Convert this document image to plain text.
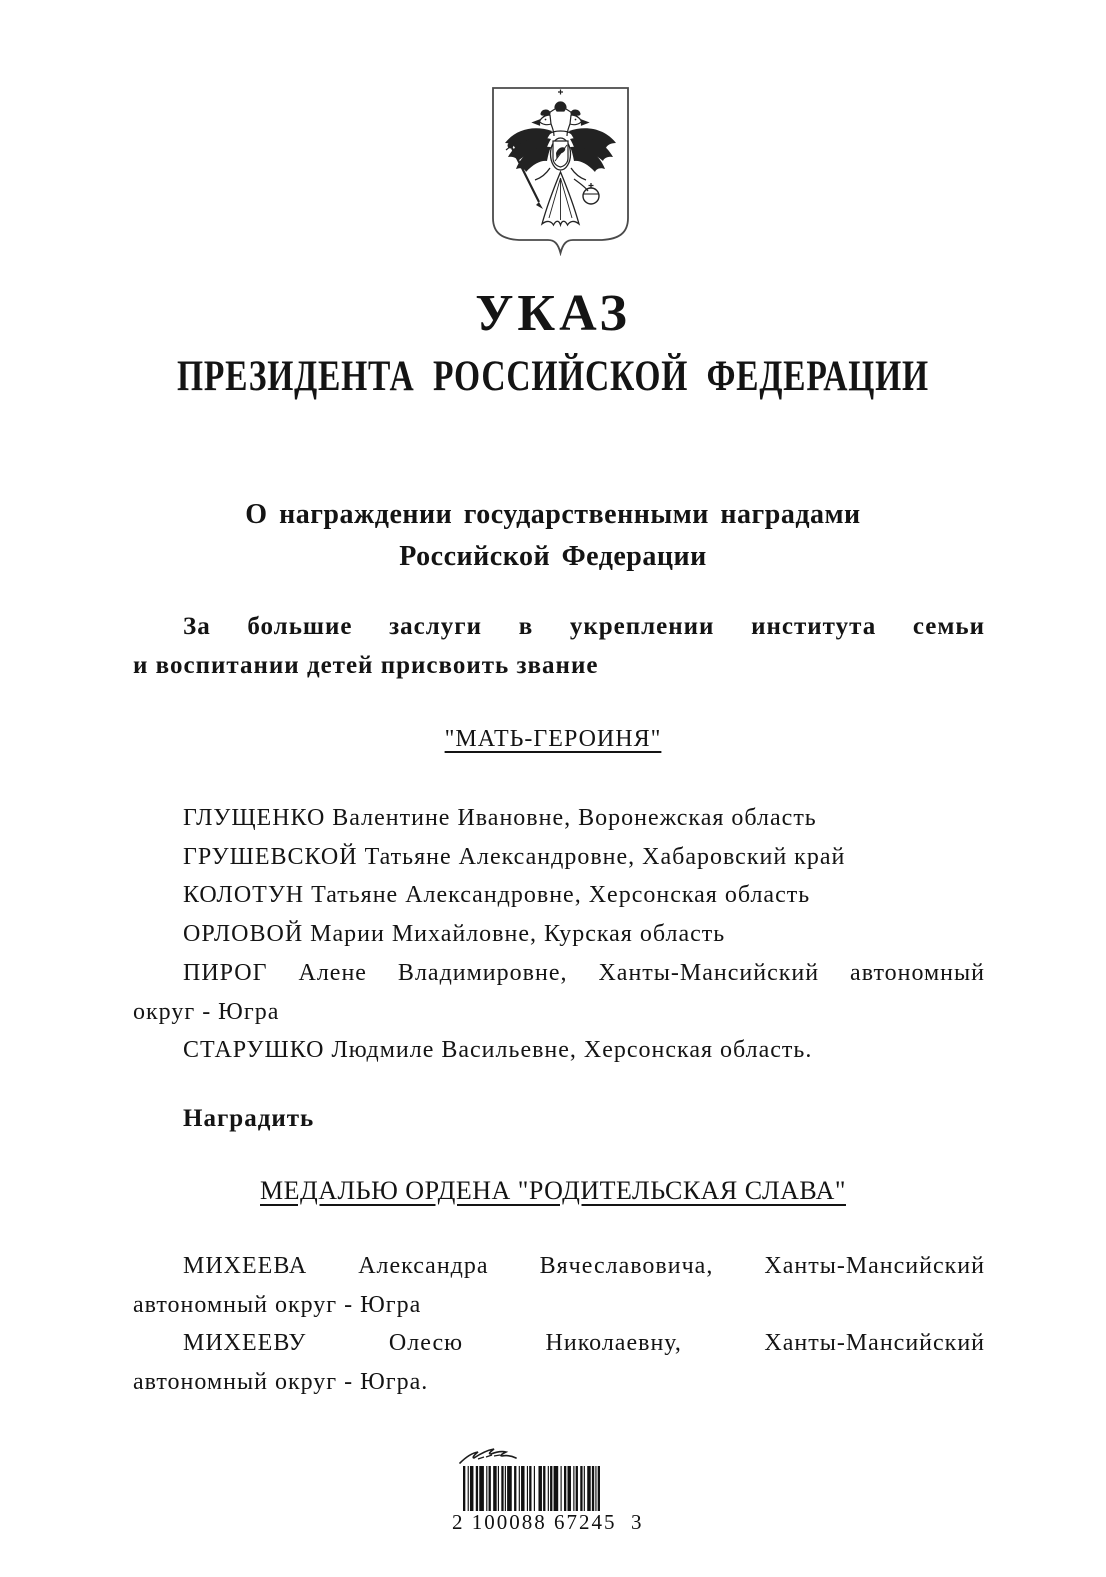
УКАЗ
ПРЕЗИДЕНТА РОССИЙСКОЙ ФЕДЕРАЦИИ
О награждении государственными наградами
Российской Федерации
За большие заслуги в укреплении института семьи
и воспитании детей присвоить звание
"МАТЬ-ГЕРОИНЯ"
ГЛУЩЕНКО Валентине Ивановне, Воронежская область
ГРУШЕВСКОЙ Татьяне Александровне, Хабаровский край
КОЛОТУН Татьяне Александровне, Херсонская область
ОРЛОВОЙ Марии Михайловне, Курская область
ПИРОГ Алене Владимировне, Ханты-Мансийский автономный
округ - Югра
СТАРУШКО Людмиле Васильевне, Херсонская область.
Наградить
МЕДАЛЬЮ ОРДЕНА "РОДИТЕЛЬСКАЯ СЛАВА"
МИХЕЕВА Александра Вячеславовича, Ханты-Мансийский
автономный округ - Югра
МИХЕЕВУ Олесю Николаевну, Ханты-Мансийский
автономный округ - Югра.
2 100088 67245  3
